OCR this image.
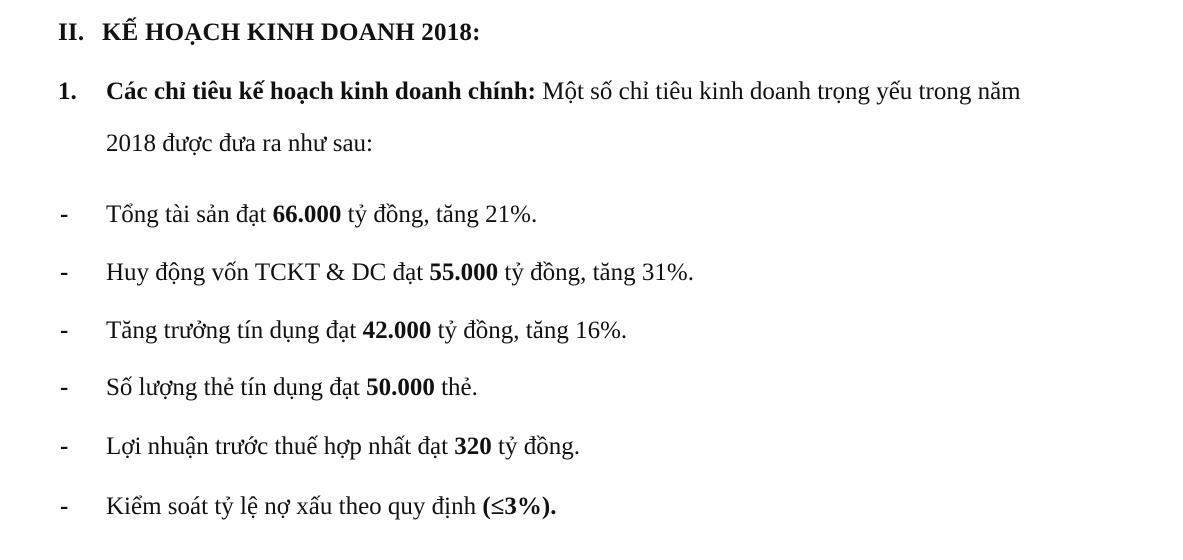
II. KẾ HOẠCH KINH DOANH 2018:
1. Các chỉ tiêu kế hoạch kinh doanh chính: Một số chỉ tiêu kinh doanh trọng yếu trong năm
2018 được đưa ra như sau:
- Tổng tài sản đạt 66.000 tỷ đồng, tăng 21%.
- Huy động vốn TCKT & DC đạt 55.000 tỷ đồng, tăng 31%.
- Tăng trưởng tín dụng đạt 42.000 tỷ đồng, tăng 16%.
- Số lượng thẻ tín dụng đạt 50.000 thẻ.
- Lợi nhuận trước thuế hợp nhất đạt 320 tỷ đồng.
- Kiểm soát tỷ lệ nợ xấu theo quy định (≤3%).
